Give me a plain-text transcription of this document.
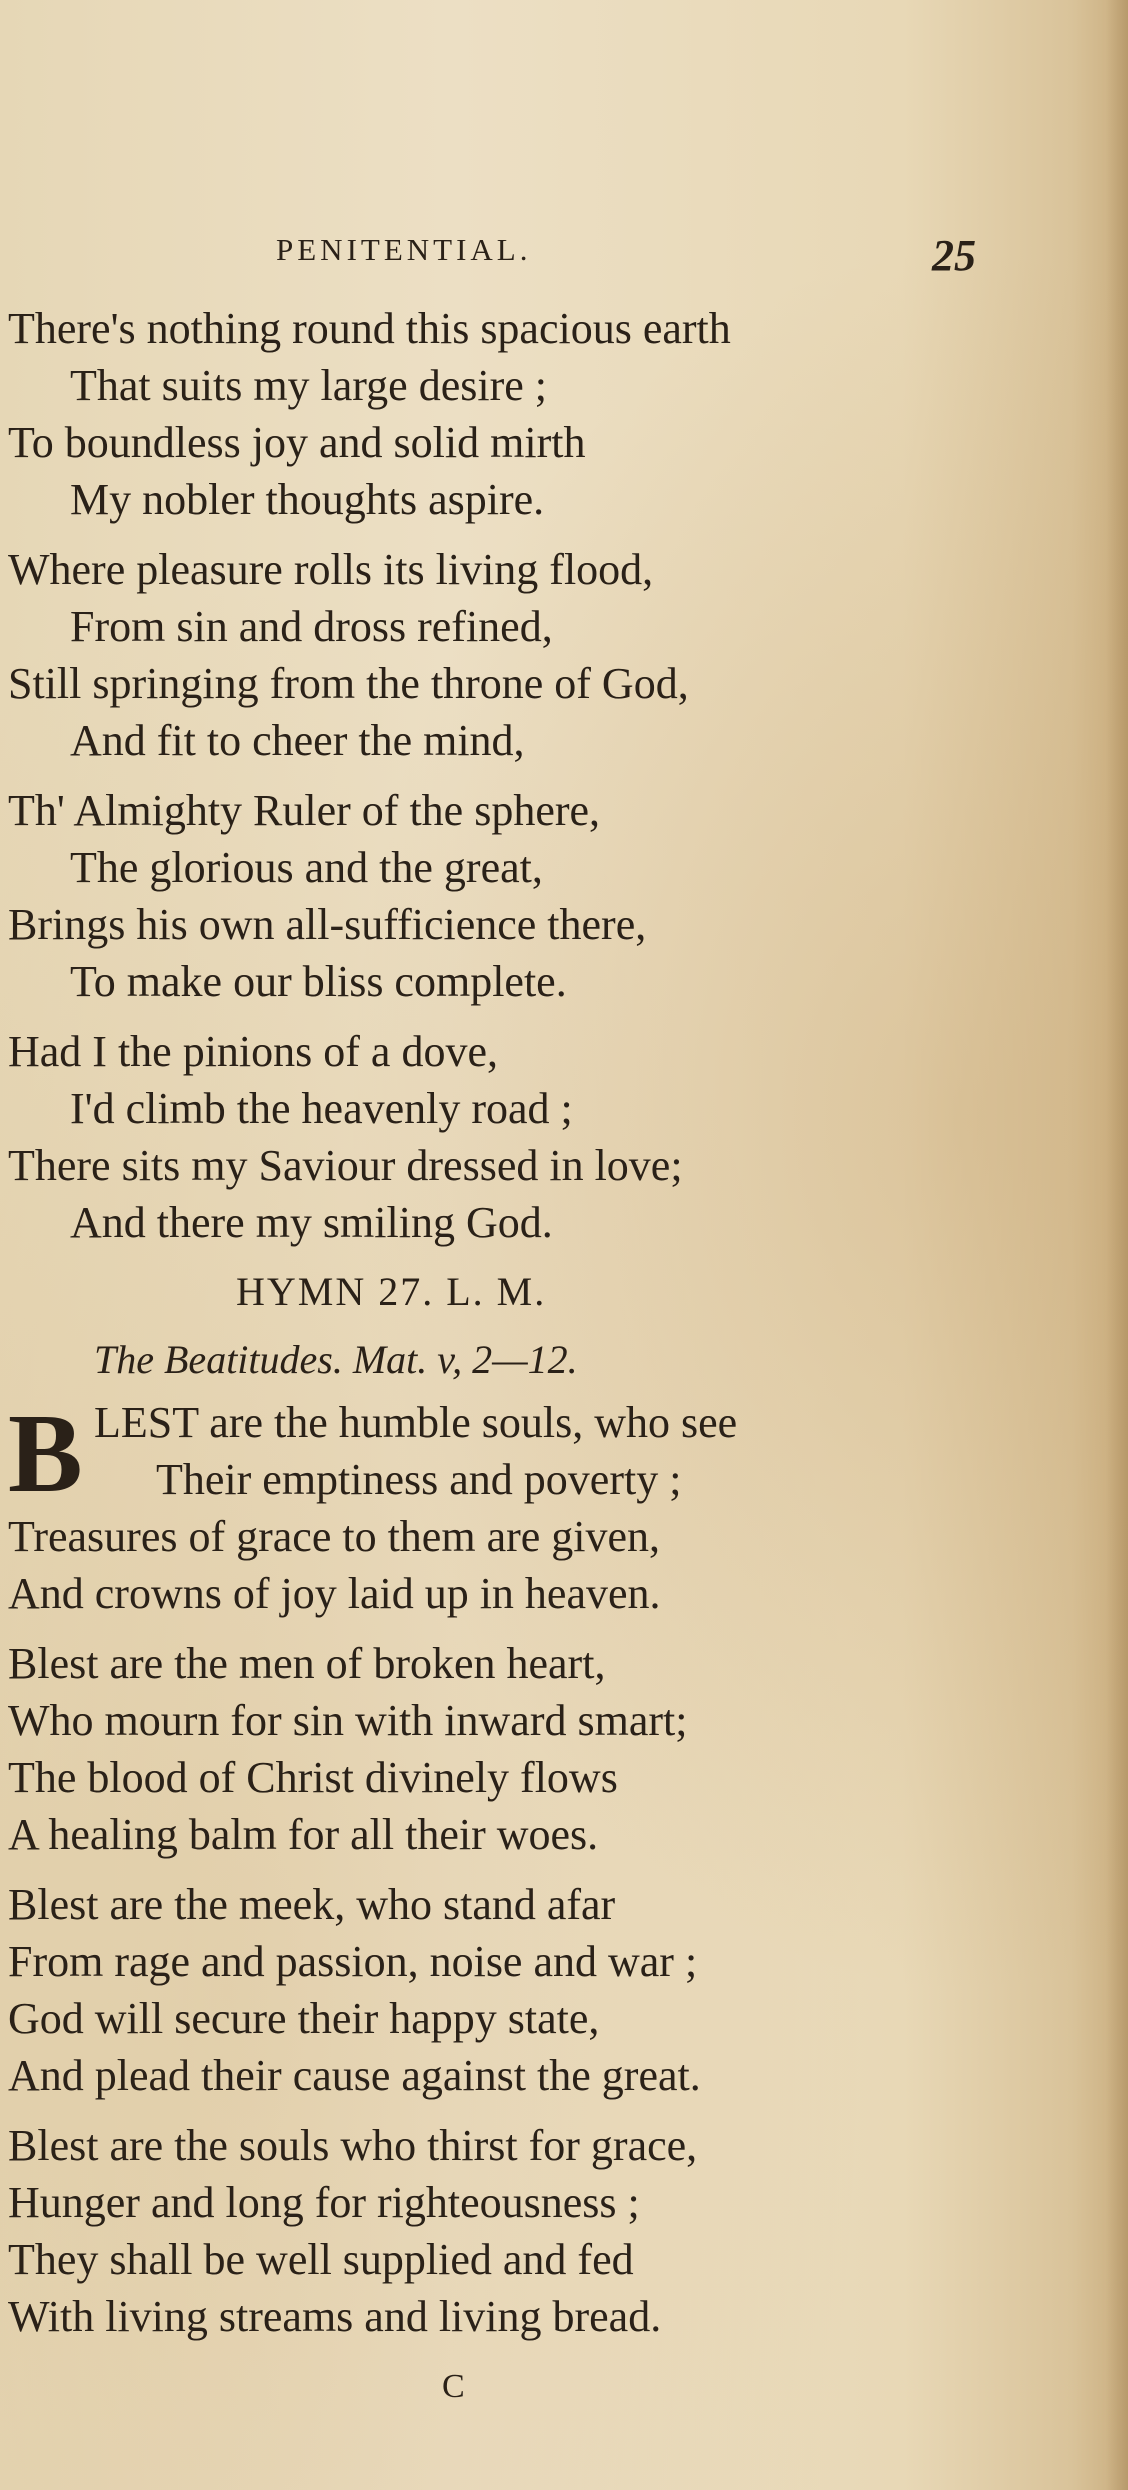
PENITENTIAL.	25
There's nothing round this spacious earth
That suits my large desire ;
To boundless joy and solid mirth
My nobler thoughts aspire.
Where pleasure rolls its living flood,
From sin and dross refined,
Still springing from the throne of God,
And fit to cheer the mind,
Th' Almighty Ruler of the sphere,
The glorious and the great,
Brings his own all-sufficience there,
To make our bliss complete.
Had I the pinions of a dove,
I'd climb the heavenly road ;
There sits my Saviour dressed in love;
And there my smiling God.
HYMN 27. L. M.
The Beatitudes. Mat. v, 2—12.
B LEST are the humble souls, who see
Their emptiness and poverty ;
Treasures of grace to them are given,
And crowns of joy laid up in heaven.
Blest are the men of broken heart,
Who mourn for sin with inward smart;
The blood of Christ divinely flows
A healing balm for all their woes.
Blest are the meek, who stand afar
From rage and passion, noise and war ;
God will secure their happy state,
And plead their cause against the great.
Blest are the souls who thirst for grace,
Hunger and long for righteousness ;
They shall be well supplied and fed
With living streams and living bread.
C
